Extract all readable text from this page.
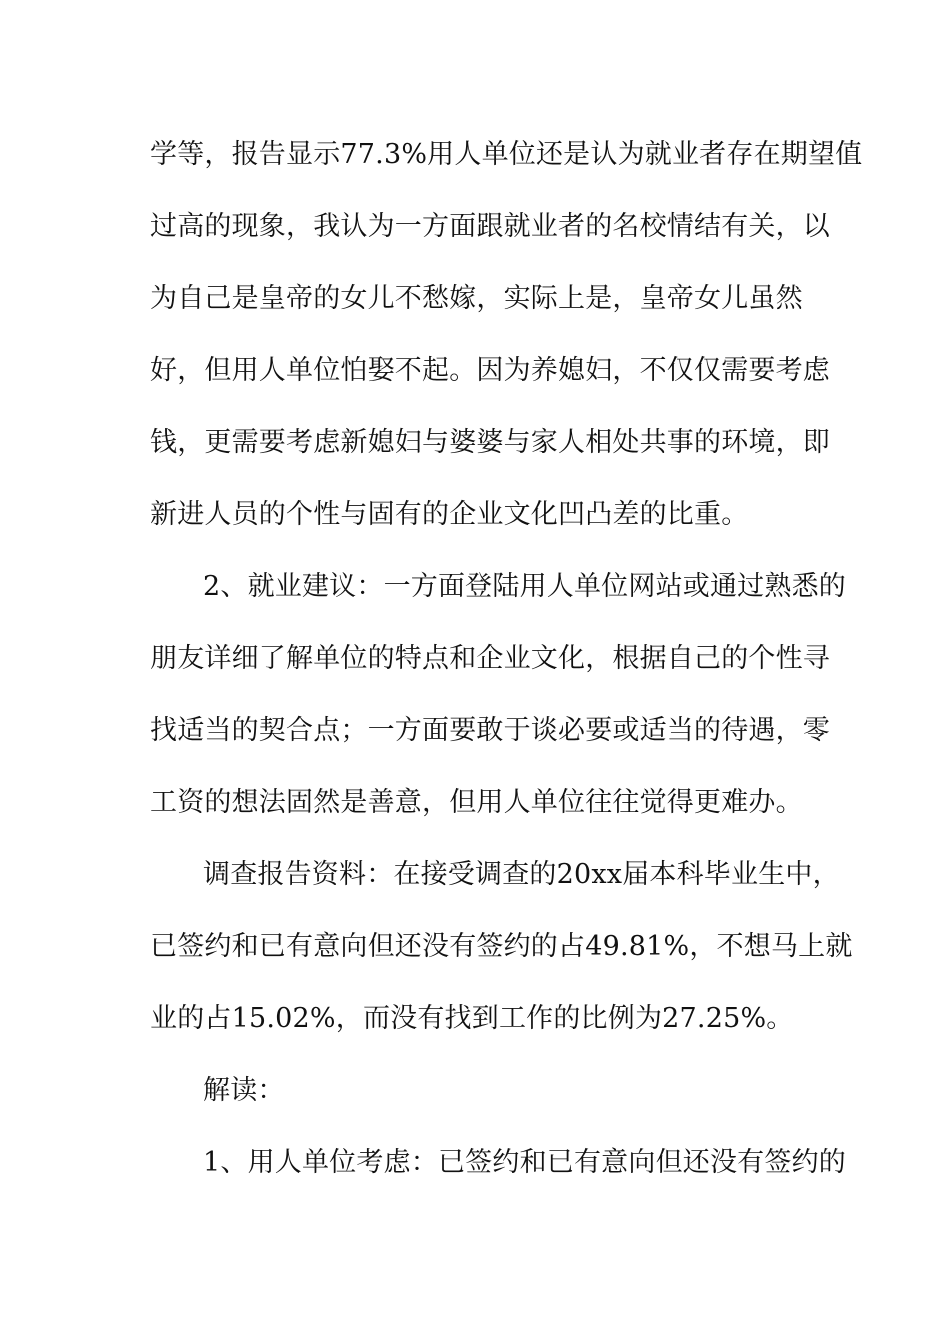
学等，报告显示77.3%用人单位还是认为就业者存在期望值
过高的现象，我认为一方面跟就业者的名校情结有关，以
为自己是皇帝的女儿不愁嫁，实际上是，皇帝女儿虽然
好，但用人单位怕娶不起。因为养媳妇，不仅仅需要考虑
钱，更需要考虑新媳妇与婆婆与家人相处共事的环境，即
新进人员的个性与固有的企业文化凹凸差的比重。
2、就业建议：一方面登陆用人单位网站或通过熟悉的
朋友详细了解单位的特点和企业文化，根据自己的个性寻
找适当的契合点；一方面要敢于谈必要或适当的待遇，零
工资的想法固然是善意，但用人单位往往觉得更难办。
调查报告资料：在接受调查的20xx届本科毕业生中，
已签约和已有意向但还没有签约的占49.81%，不想马上就
业的占15.02%，而没有找到工作的比例为27.25%。
解读：
1、用人单位考虑：已签约和已有意向但还没有签约的
